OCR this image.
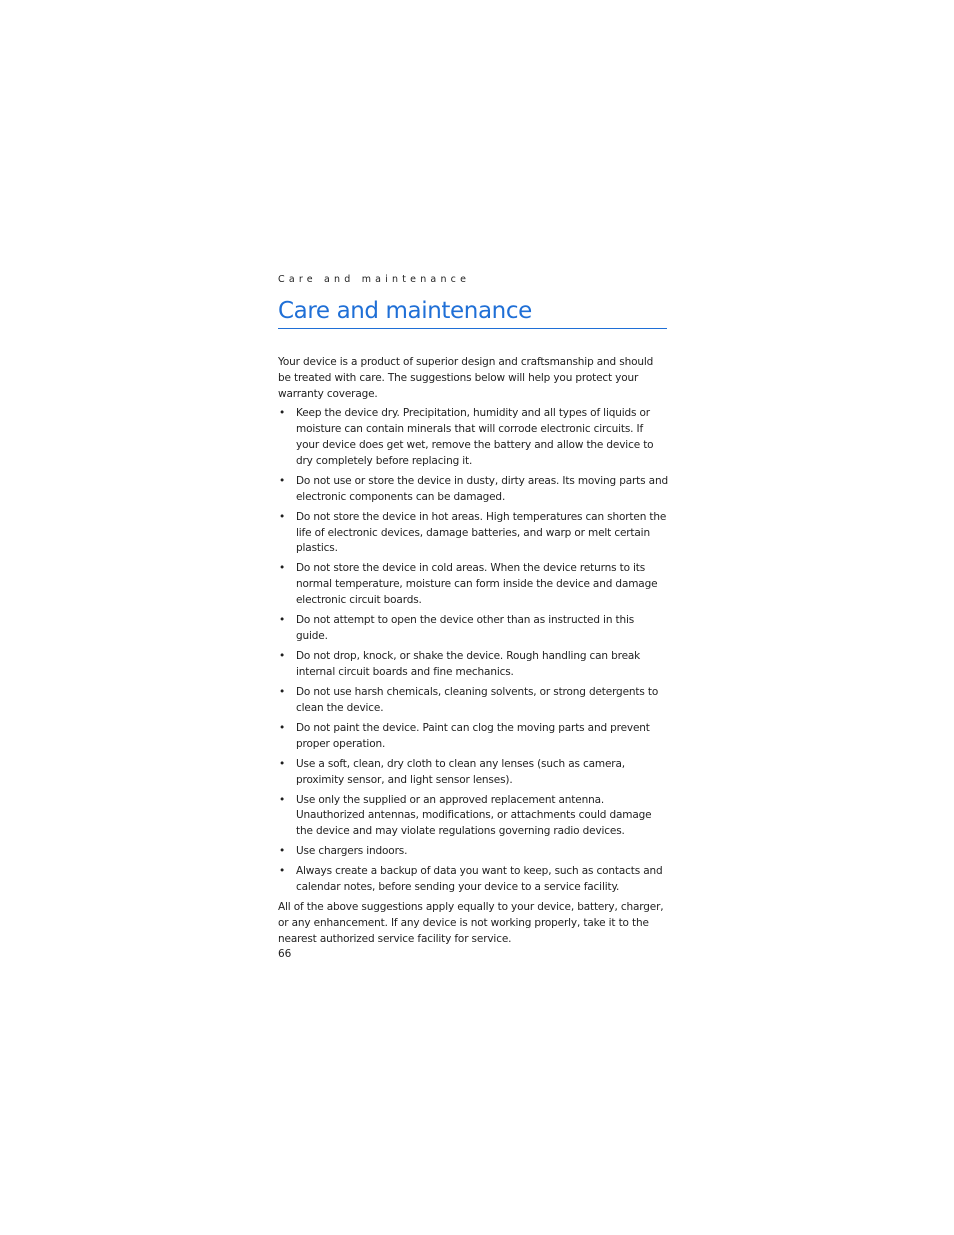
Care and maintenance
Care and maintenance

Your device is a product of superior design and craftsmanship and should be treated with care. The suggestions below will help you protect your warranty coverage.

• Keep the device dry. Precipitation, humidity and all types of liquids or moisture can contain minerals that will corrode electronic circuits. If your device does get wet, remove the battery and allow the device to dry completely before replacing it.
• Do not use or store the device in dusty, dirty areas. Its moving parts and electronic components can be damaged.
• Do not store the device in hot areas. High temperatures can shorten the life of electronic devices, damage batteries, and warp or melt certain plastics.
• Do not store the device in cold areas. When the device returns to its normal temperature, moisture can form inside the device and damage electronic circuit boards.
• Do not attempt to open the device other than as instructed in this guide.
• Do not drop, knock, or shake the device. Rough handling can break internal circuit boards and fine mechanics.
• Do not use harsh chemicals, cleaning solvents, or strong detergents to clean the device.
• Do not paint the device. Paint can clog the moving parts and prevent proper operation.
• Use a soft, clean, dry cloth to clean any lenses (such as camera, proximity sensor, and light sensor lenses).
• Use only the supplied or an approved replacement antenna. Unauthorized antennas, modifications, or attachments could damage the device and may violate regulations governing radio devices.
• Use chargers indoors.
• Always create a backup of data you want to keep, such as contacts and calendar notes, before sending your device to a service facility.

All of the above suggestions apply equally to your device, battery, charger, or any enhancement. If any device is not working properly, take it to the nearest authorized service facility for service.

66
